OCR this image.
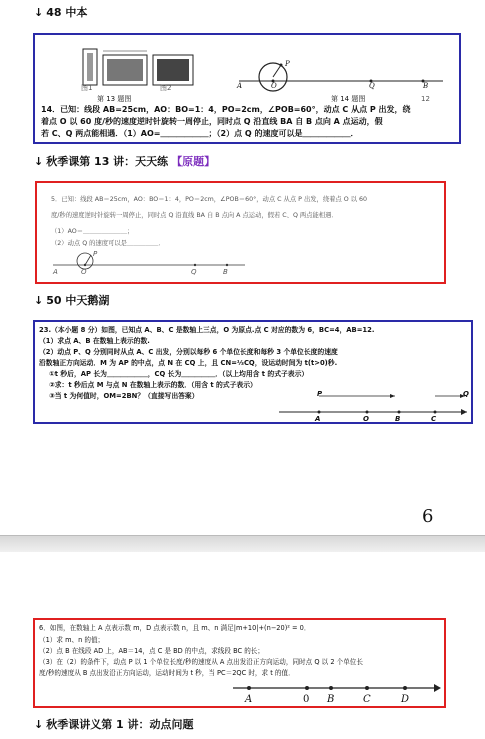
↓ 48 中本
图1	图2
第 13 题图
A	O
P
Q	B
第 14 题图	12
14．已知：线段 AB=25cm，AO：BO=1：4，PO=2cm，∠POB=60°，动点 C 从点 P 出发，绕
着点 O 以 60 度/秒的速度逆时针旋转一周停止，同时点 Q 沿直线 BA 自 B 点向 A 点运动，假
若 C、Q 两点能相遇．（1）AO=＿＿＿＿＿＿；（2）点 Q 的速度可以是＿＿＿＿＿＿．
↓ 秋季课第 13 讲：天天练 【原题】
5．已知：线段 AB＝25cm，AO：BO＝1：4，PO＝2cm，∠POB＝60°，动点 C 从点 P 出发，绕着点 O 以 60
度/秒的速度逆时针旋转一周停止，同时点 Q 沿直线 BA 自 B 点向 A 点运动，假若 C、Q 两点能相遇．
（1）AO＝＿＿＿＿＿＿＿；
（2）动点 Q 的速度可以是＿＿＿＿＿．
A	O
P
Q	B
↓ 50 中天鹅湖
23.（本小题 8 分）如图，已知点 A、B、C 是数轴上三点，O 为原点.点 C 对应的数为 6，BC=4，AB=12.
（1）求点 A、B 在数轴上表示的数.
（2）动点 P、Q 分别同时从点 A、C 出发，分别以每秒 6 个单位长度和每秒 3 个单位长度的速度
沿数轴正方向运动．M 为 AP 的中点，点 N 在 CQ 上，且 CN=⅓CQ，设运动时间为 t(t>0)秒.
①t 秒后，AP 长为＿＿＿＿＿＿，CQ 长为＿＿＿＿＿．（以上均用含 t 的式子表示）
②求：t 秒后点 M 与点 N 在数轴上表示的数．（用含 t 的式子表示）
③当 t 为何值时，OM=2BN？（直接写出答案）	P	Q
A	O	B	C
6
6．如图，在数轴上 A 点表示数 m，D 点表示数 n，且 m、n 满足|m+10|+(n−20)² = 0．
（1）求 m、n 的值；
（2）点 B 在线段 AD 上，AB＝14，点 C 是 BD 的中点，求线段 BC 的长；
（3）在（2）的条件下，动点 P 以 1 个单位长度/秒的速度从 A 点出发沿正方向运动，同时点 Q 以 2 个单位长
度/秒的速度从 B 点出发沿正方向运动，运动时间为 t 秒，当 PC＝2QC 时，求 t 的值．
A	0 B	C	D
↓ 秋季课讲义第 1 讲：动点问题
